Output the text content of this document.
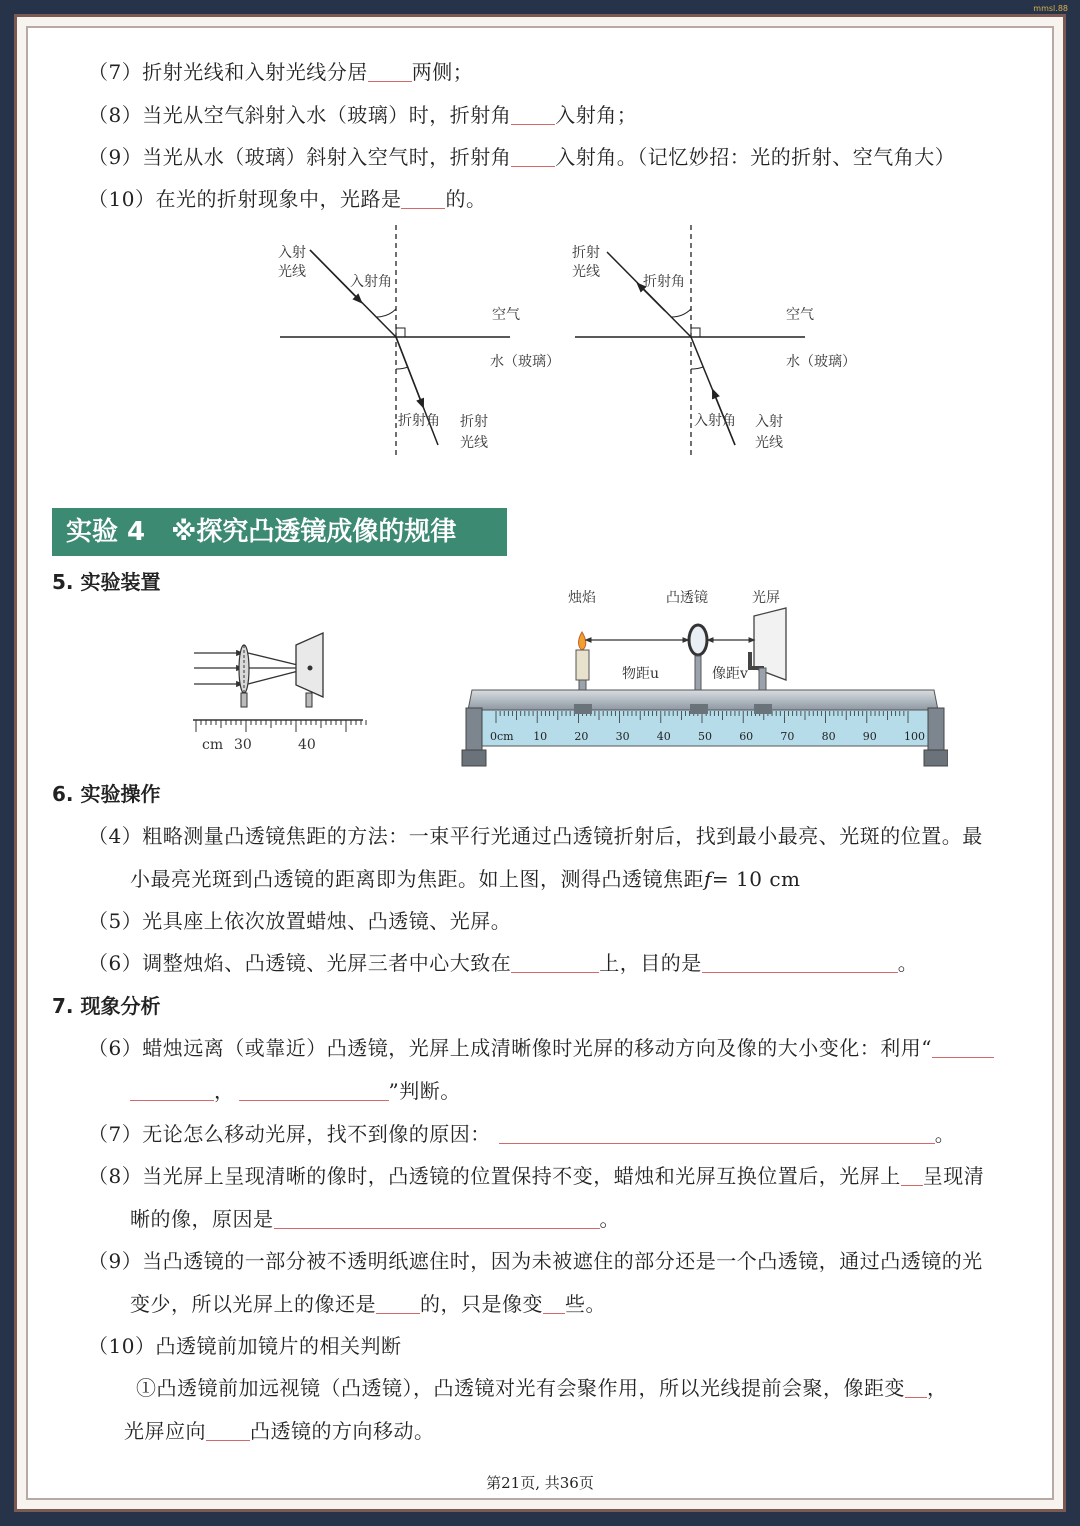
mmsl.88
（7）折射光线和入射光线分居 两侧；
（8）当光从空气斜射入水（玻璃）时，折射角 入射角；
（9）当光从水（玻璃）斜射入空气时，折射角 入射角。（记忆妙招：光的折射、空气角大）
（10）在光的折射现象中，光路是 的。
入射
光线
入射角
空气
水（玻璃）
折射角 折射
光线
折射
光线
折射角
空气
水（玻璃）
入射角 入射
光线
实验 4　※探究凸透镜成像的规律
5. 实验装置
cm 30	40
烛焰	凸透镜	光屏
物距u	像距v
0cm 10 20 30 40 50 60 70 80 90 100
6. 实验操作
（4）粗略测量凸透镜焦距的方法：一束平行光通过凸透镜折射后，找到最小最亮、光斑的位置。最
小最亮光斑到凸透镜的距离即为焦距。如上图，测得凸透镜焦距f= 10 cm
（5）光具座上依次放置蜡烛、凸透镜、光屏。
（6）调整烛焰、凸透镜、光屏三者中心大致在	上，目的是	。
7. 现象分析
（6）蜡烛远离（或靠近）凸透镜，光屏上成清晰像时光屏的移动方向及像的大小变化：利用“
，	”判断。
（7）无论怎么移动光屏，找不到像的原因：	。
（8）当光屏上呈现清晰的像时，凸透镜的位置保持不变，蜡烛和光屏互换位置后，光屏上 呈现清
晰的像，原因是	。
（9）当凸透镜的一部分被不透明纸遮住时，因为未被遮住的部分还是一个凸透镜，通过凸透镜的光
变少，所以光屏上的像还是 的，只是像变 些。
（10）凸透镜前加镜片的相关判断
①凸透镜前加远视镜（凸透镜），凸透镜对光有会聚作用，所以光线提前会聚，像距变 ，
光屏应向 凸透镜的方向移动。
第21页, 共36页
